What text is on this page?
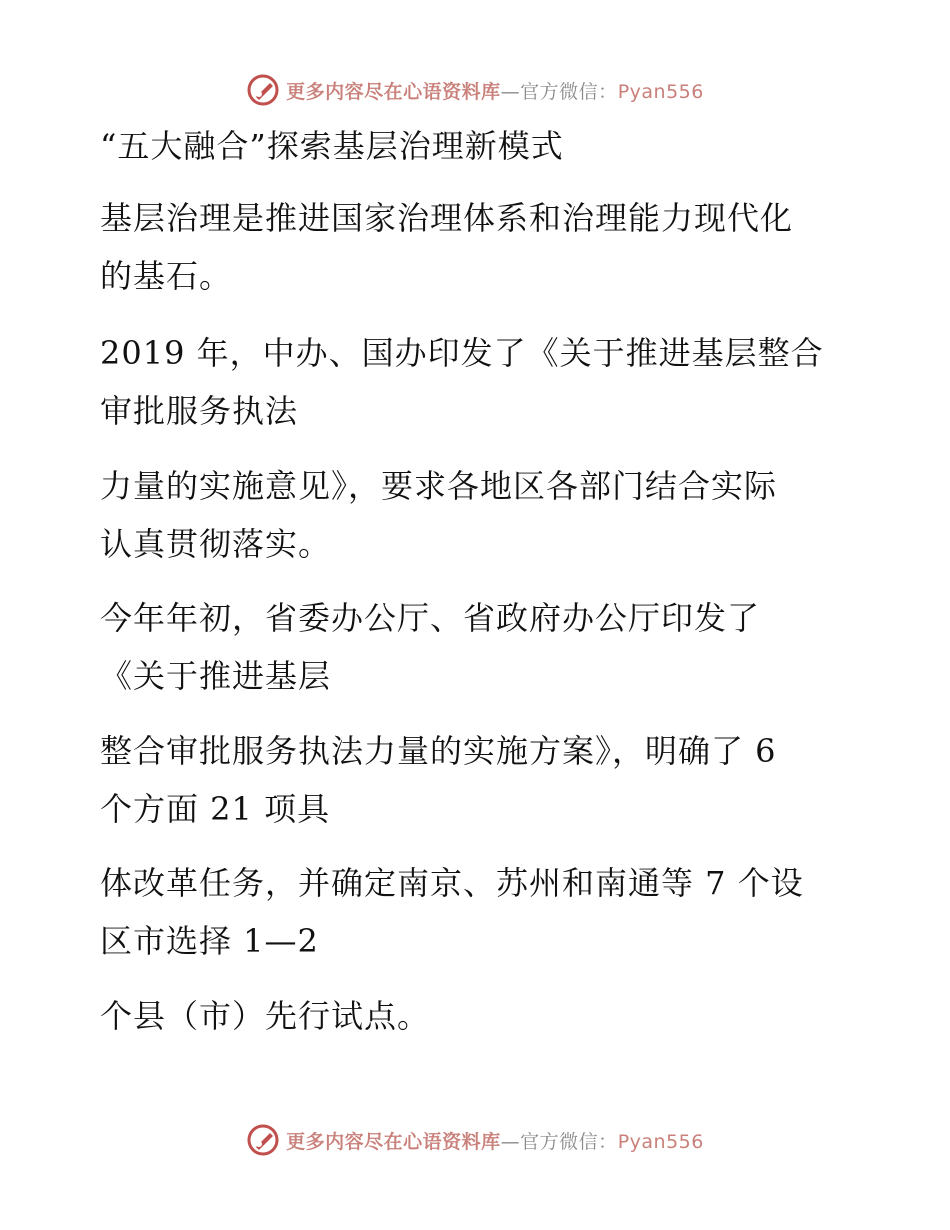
更多内容尽在心语资料库—官方微信：Pyan556
“五大融合”探索基层治理新模式
基层治理是推进国家治理体系和治理能力现代化
的基石。
2019 年，中办、国办印发了《关于推进基层整合
审批服务执法
力量的实施意见》，要求各地区各部门结合实际
认真贯彻落实。
今年年初，省委办公厅、省政府办公厅印发了
《关于推进基层
整合审批服务执法力量的实施方案》，明确了 6
个方面 21 项具
体改革任务，并确定南京、苏州和南通等 7 个设
区市选择 1—2
个县（市）先行试点。
更多内容尽在心语资料库—官方微信：Pyan556
